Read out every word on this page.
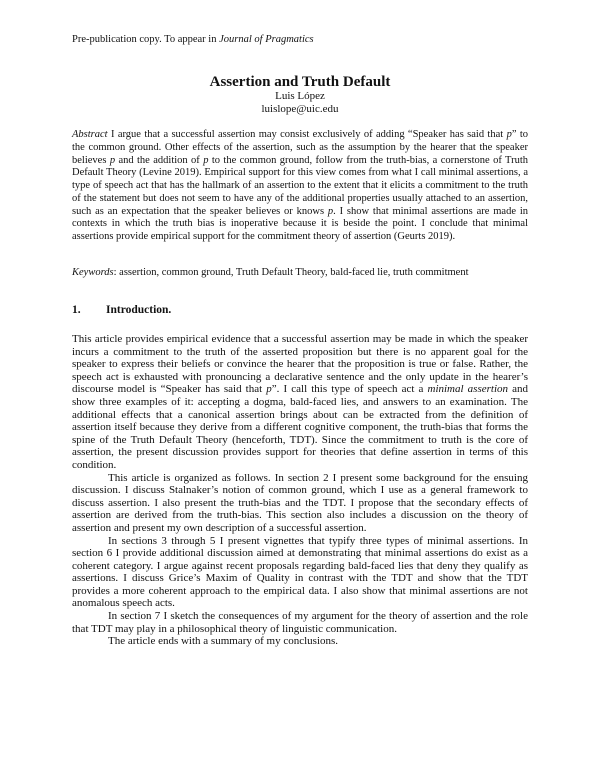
Pre-publication copy. To appear in Journal of Pragmatics
Assertion and Truth Default
Luis López
luislope@uic.edu
Abstract I argue that a successful assertion may consist exclusively of adding “Speaker has said that p” to the common ground. Other effects of the assertion, such as the assumption by the hearer that the speaker believes p and the addition of p to the common ground, follow from the truth-bias, a cornerstone of Truth Default Theory (Levine 2019). Empirical support for this view comes from what I call minimal assertions, a type of speech act that has the hallmark of an assertion to the extent that it elicits a commitment to the truth of the statement but does not seem to have any of the additional properties usually attached to an assertion, such as an expectation that the speaker believes or knows p. I show that minimal assertions are made in contexts in which the truth bias is inoperative because it is beside the point. I conclude that minimal assertions provide empirical support for the commitment theory of assertion (Geurts 2019).
Keywords: assertion, common ground, Truth Default Theory, bald-faced lie, truth commitment
1. Introduction.

This article provides empirical evidence that a successful assertion may be made in which the speaker incurs a commitment to the truth of the asserted proposition but there is no apparent goal for the speaker to express their beliefs or convince the hearer that the proposition is true or false. Rather, the speech act is exhausted with pronouncing a declarative sentence and the only update in the hearer’s discourse model is “Speaker has said that p”. I call this type of speech act a minimal assertion and show three examples of it: accepting a dogma, bald-faced lies, and answers to an examination. The additional effects that a canonical assertion brings about can be extracted from the definition of assertion itself because they derive from a different cognitive component, the truth-bias that forms the spine of the Truth Default Theory (henceforth, TDT). Since the commitment to truth is the core of assertion, the present discussion provides support for theories that define assertion in terms of this condition.

This article is organized as follows. In section 2 I present some background for the ensuing discussion. I discuss Stalnaker’s notion of common ground, which I use as a general framework to discuss assertion. I also present the truth-bias and the TDT. I propose that the secondary effects of assertion are derived from the truth-bias. This section also includes a discussion on the theory of assertion and present my own description of a successful assertion.

In sections 3 through 5 I present vignettes that typify three types of minimal assertions. In section 6 I provide additional discussion aimed at demonstrating that minimal assertions do exist as a coherent category. I argue against recent proposals regarding bald-faced lies that deny they qualify as assertions. I discuss Grice’s Maxim of Quality in contrast with the TDT and show that the TDT provides a more coherent approach to the empirical data. I also show that minimal assertions are not anomalous speech acts.

In section 7 I sketch the consequences of my argument for the theory of assertion and the role that TDT may play in a philosophical theory of linguistic communication.

The article ends with a summary of my conclusions.
